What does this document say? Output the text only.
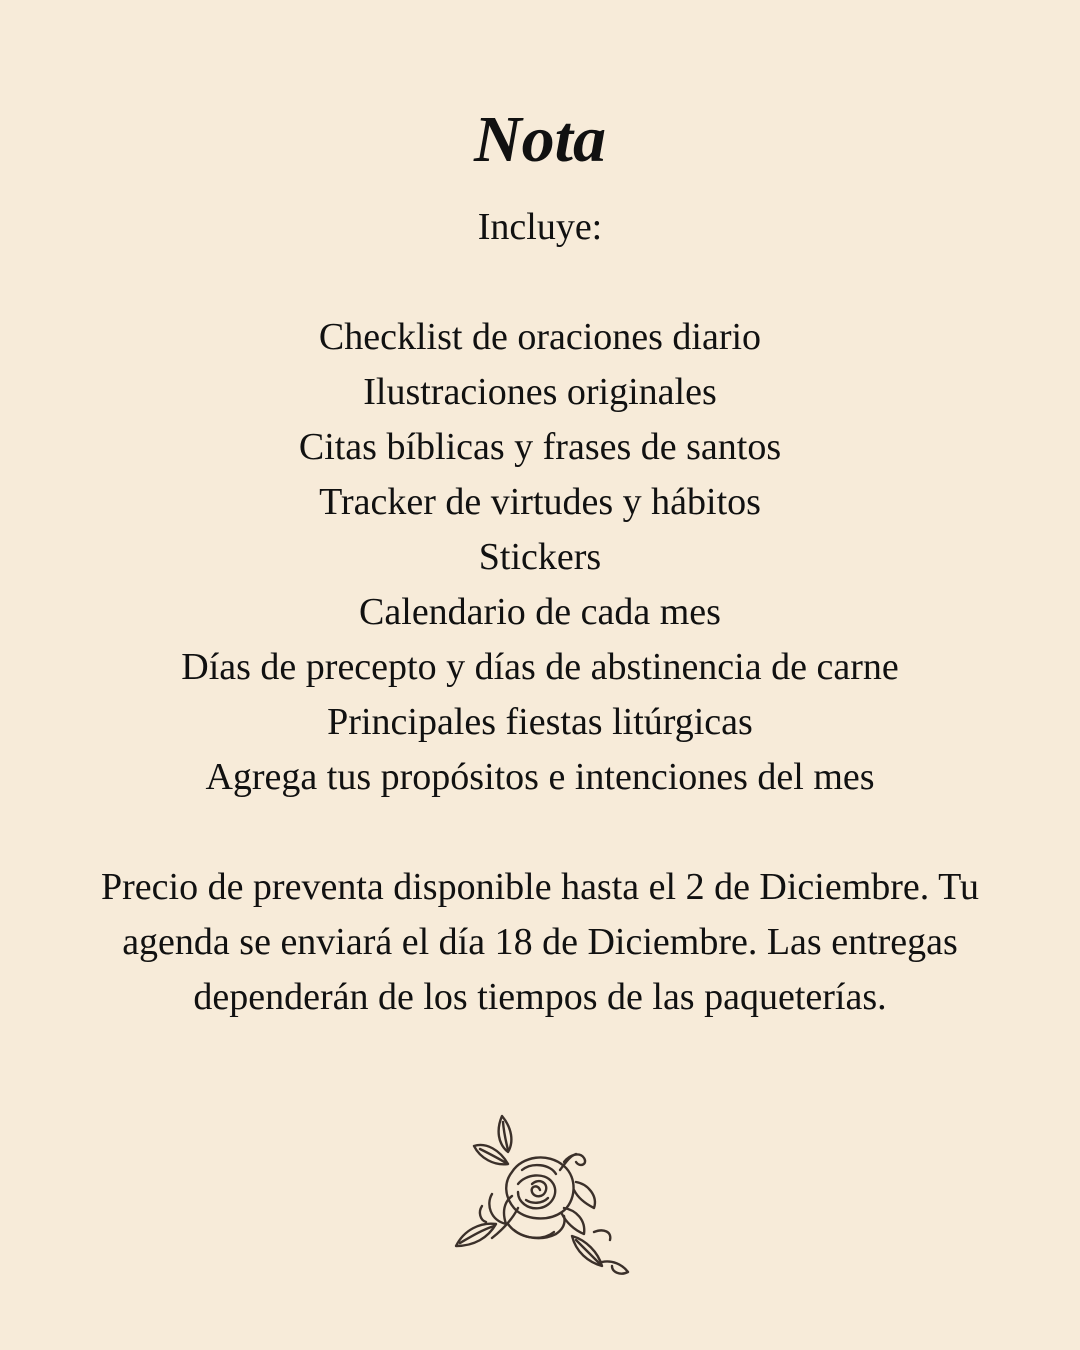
Nota

Incluye:

Checklist de oraciones diario
Ilustraciones originales
Citas bíblicas y frases de santos
Tracker de virtudes y hábitos
Stickers
Calendario de cada mes
Días de precepto y días de abstinencia de carne
Principales fiestas litúrgicas
Agrega tus propósitos e intenciones del mes

Precio de preventa disponible hasta el 2 de Diciembre. Tu agenda se enviará el día 18 de Diciembre. Las entregas dependerán de los tiempos de las paqueterías.
